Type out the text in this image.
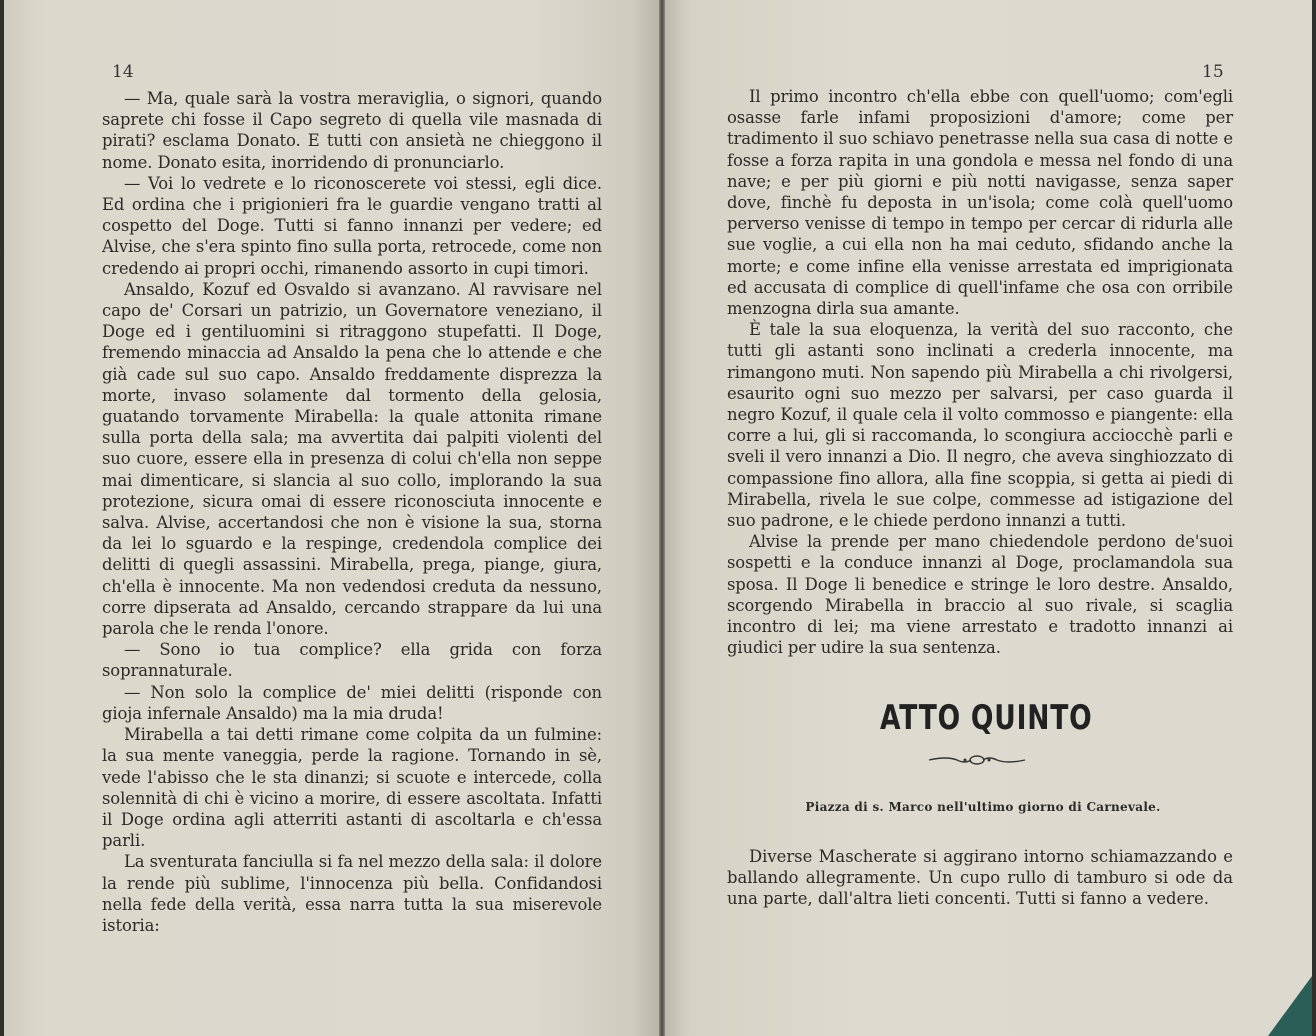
14

— Ma, quale sarà la vostra meraviglia, o signori, quando saprete chi fosse il Capo segreto di quella vile masnada di pirati? esclama Donato. E tutti con ansietà ne chieggono il nome. Donato esita, inorridendo di pronunciarlo.

— Voi lo vedrete e lo riconoscerete voi stessi, egli dice. Ed ordina che i prigionieri fra le guardie vengano tratti al cospetto del Doge. Tutti si fanno innanzi per vedere; ed Alvise, che s'era spinto fino sulla porta, retrocede, come non credendo ai propri occhi, rimanendo assorto in cupi timori.

Ansaldo, Kozuf ed Osvaldo si avanzano. Al ravvisare nel capo de' Corsari un patrizio, un Governatore veneziano, il Doge ed i gentiluomini si ritraggono stupefatti. Il Doge, fremendo minaccia ad Ansaldo la pena che lo attende e che già cade sul suo capo. Ansaldo freddamente disprezza la morte, invaso solamente dal tormento della gelosia, guatando torvamente Mirabella: la quale attonita rimane sulla porta della sala; ma avvertita dai palpiti violenti del suo cuore, essere ella in presenza di colui ch'ella non seppe mai dimenticare, si slancia al suo collo, implorando la sua protezione, sicura omai di essere riconosciuta innocente e salva. Alvise, accertandosi che non è visione la sua, storna da lei lo sguardo e la respinge, credendola complice dei delitti di quegli assassini. Mirabella, prega, piange, giura, ch'ella è innocente. Ma non vedendosi creduta da nessuno, corre dipserata ad Ansaldo, cercando strappare da lui una parola che le renda l'onore.

— Sono io tua complice? ella grida con forza soprannaturale.

— Non solo la complice de' miei delitti (risponde con gioja infernale Ansaldo) ma la mia druda!

Mirabella a tai detti rimane come colpita da un fulmine: la sua mente vaneggia, perde la ragione. Tornando in sè, vede l'abisso che le sta dinanzi; si scuote e intercede, colla solennità di chi è vicino a morire, di essere ascoltata. Infatti il Doge ordina agli atterriti astanti di ascoltarla e ch'essa parli.

La sventurata fanciulla si fa nel mezzo della sala: il dolore la rende più sublime, l'innocenza più bella. Confidandosi nella fede della verità, essa narra tutta la sua miserevole istoria:

15

Il primo incontro ch'ella ebbe con quell'uomo; com'egli osasse farle infami proposizioni d'amore; come per tradimento il suo schiavo penetrasse nella sua casa di notte e fosse a forza rapita in una gondola e messa nel fondo di una nave; e per più giorni e più notti navigasse, senza saper dove, finchè fu deposta in un'isola; come colà quell'uomo perverso venisse di tempo in tempo per cercar di ridurla alle sue voglie, a cui ella non ha mai ceduto, sfidando anche la morte; e come infine ella venisse arrestata ed imprigionata ed accusata di complice di quell'infame che osa con orribile menzogna dirla sua amante.

È tale la sua eloquenza, la verità del suo racconto, che tutti gli astanti sono inclinati a crederla innocente, ma rimangono muti. Non sapendo più Mirabella a chi rivolgersi, esaurito ogni suo mezzo per salvarsi, per caso guarda il negro Kozuf, il quale cela il volto commosso e piangente: ella corre a lui, gli si raccomanda, lo scongiura acciocchè parli e sveli il vero innanzi a Dio. Il negro, che aveva singhiozzato di compassione fino allora, alla fine scoppia, si getta ai piedi di Mirabella, rivela le sue colpe, commesse ad istigazione del suo padrone, e le chiede perdono innanzi a tutti.

Alvise la prende per mano chiedendole perdono de'suoi sospetti e la conduce innanzi al Doge, proclamandola sua sposa. Il Doge li benedice e stringe le loro destre. Ansaldo, scorgendo Mirabella in braccio al suo rivale, si scaglia incontro di lei; ma viene arrestato e tradotto innanzi ai giudici per udire la sua sentenza.

ATTO QUINTO
Piazza di s. Marco nell'ultimo giorno di Carnevale.

Diverse Mascherate si aggirano intorno schiamazzando e ballando allegramente. Un cupo rullo di tamburo si ode da una parte, dall'altra lieti concenti. Tutti si fanno a vedere.
